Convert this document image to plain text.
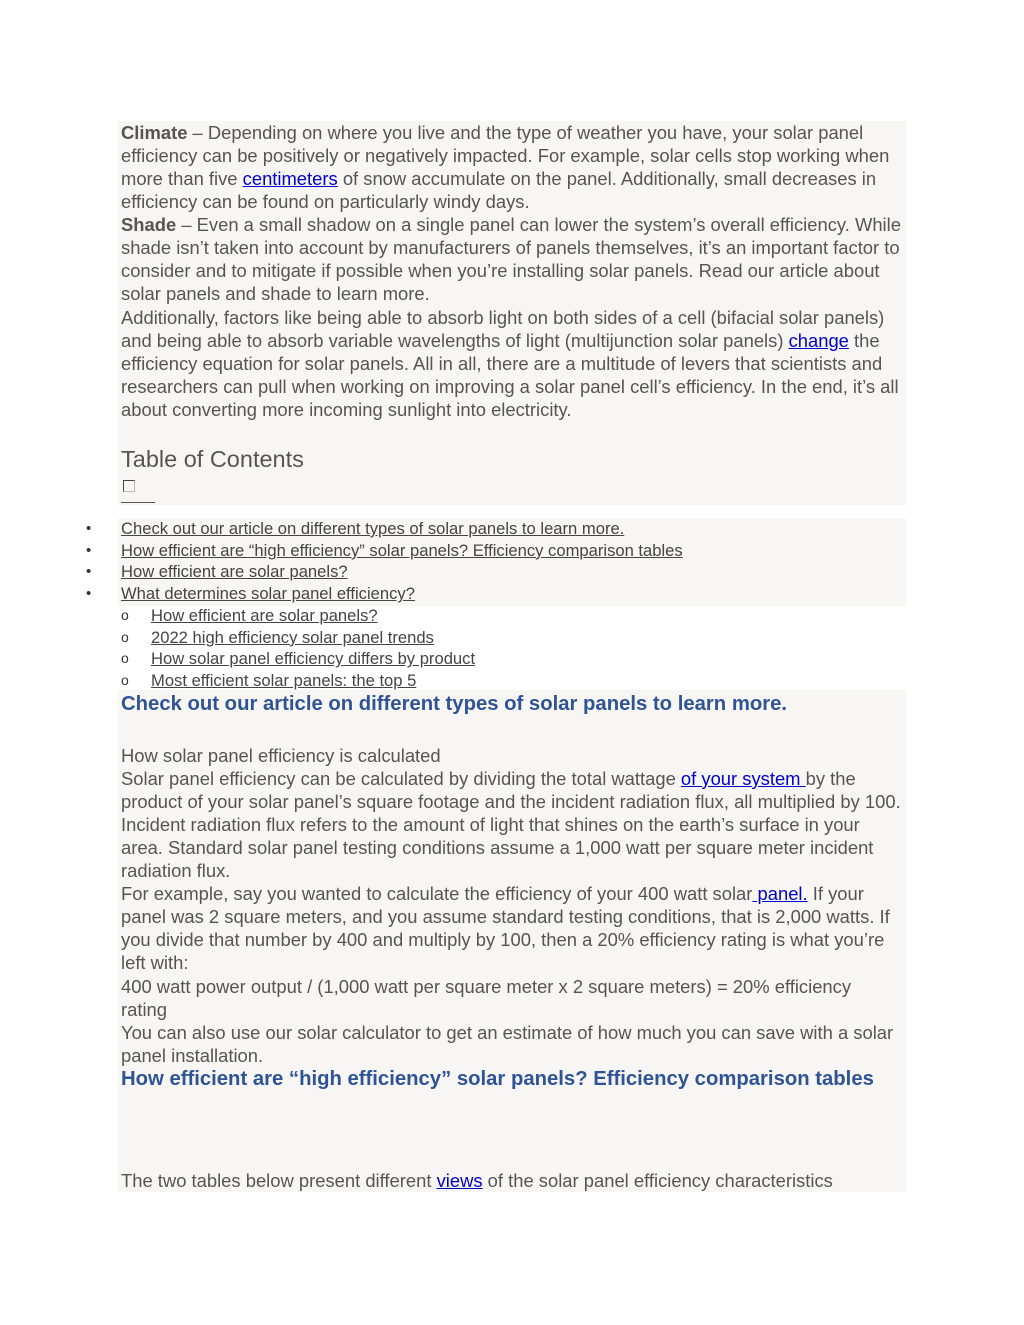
Climate – Depending on where you live and the type of weather you have, your solar panel efficiency can be positively or negatively impacted. For example, solar cells stop working when more than five centimeters of snow accumulate on the panel. Additionally, small decreases in efficiency can be found on particularly windy days.

Shade – Even a small shadow on a single panel can lower the system’s overall efficiency. While shade isn’t taken into account by manufacturers of panels themselves, it’s an important factor to consider and to mitigate if possible when you’re installing solar panels. Read our article about solar panels and shade to learn more.

Additionally, factors like being able to absorb light on both sides of a cell (bifacial solar panels) and being able to absorb variable wavelengths of light (multijunction solar panels) change the efficiency equation for solar panels. All in all, there are a multitude of levers that scientists and researchers can pull when working on improving a solar panel cell’s efficiency. In the end, it’s all about converting more incoming sunlight into electricity.

Table of Contents
• Check out our article on different types of solar panels to learn more.
• How efficient are “high efficiency” solar panels? Efficiency comparison tables
• How efficient are solar panels?
• What determines solar panel efficiency?
o How efficient are solar panels?
o 2022 high efficiency solar panel trends
o How solar panel efficiency differs by product
o Most efficient solar panels: the top 5
Check out our article on different types of solar panels to learn more.

How solar panel efficiency is calculated

Solar panel efficiency can be calculated by dividing the total wattage of your system by the product of your solar panel’s square footage and the incident radiation flux, all multiplied by 100. Incident radiation flux refers to the amount of light that shines on the earth’s surface in your area. Standard solar panel testing conditions assume a 1,000 watt per square meter incident radiation flux.

For example, say you wanted to calculate the efficiency of your 400 watt solar panel. If your panel was 2 square meters, and you assume standard testing conditions, that is 2,000 watts. If you divide that number by 400 and multiply by 100, then a 20% efficiency rating is what you’re left with:

400 watt power output / (1,000 watt per square meter x 2 square meters) = 20% efficiency rating

You can also use our solar calculator to get an estimate of how much you can save with a solar panel installation.

How efficient are “high efficiency” solar panels? Efficiency comparison tables

The two tables below present different views of the solar panel efficiency characteristics
